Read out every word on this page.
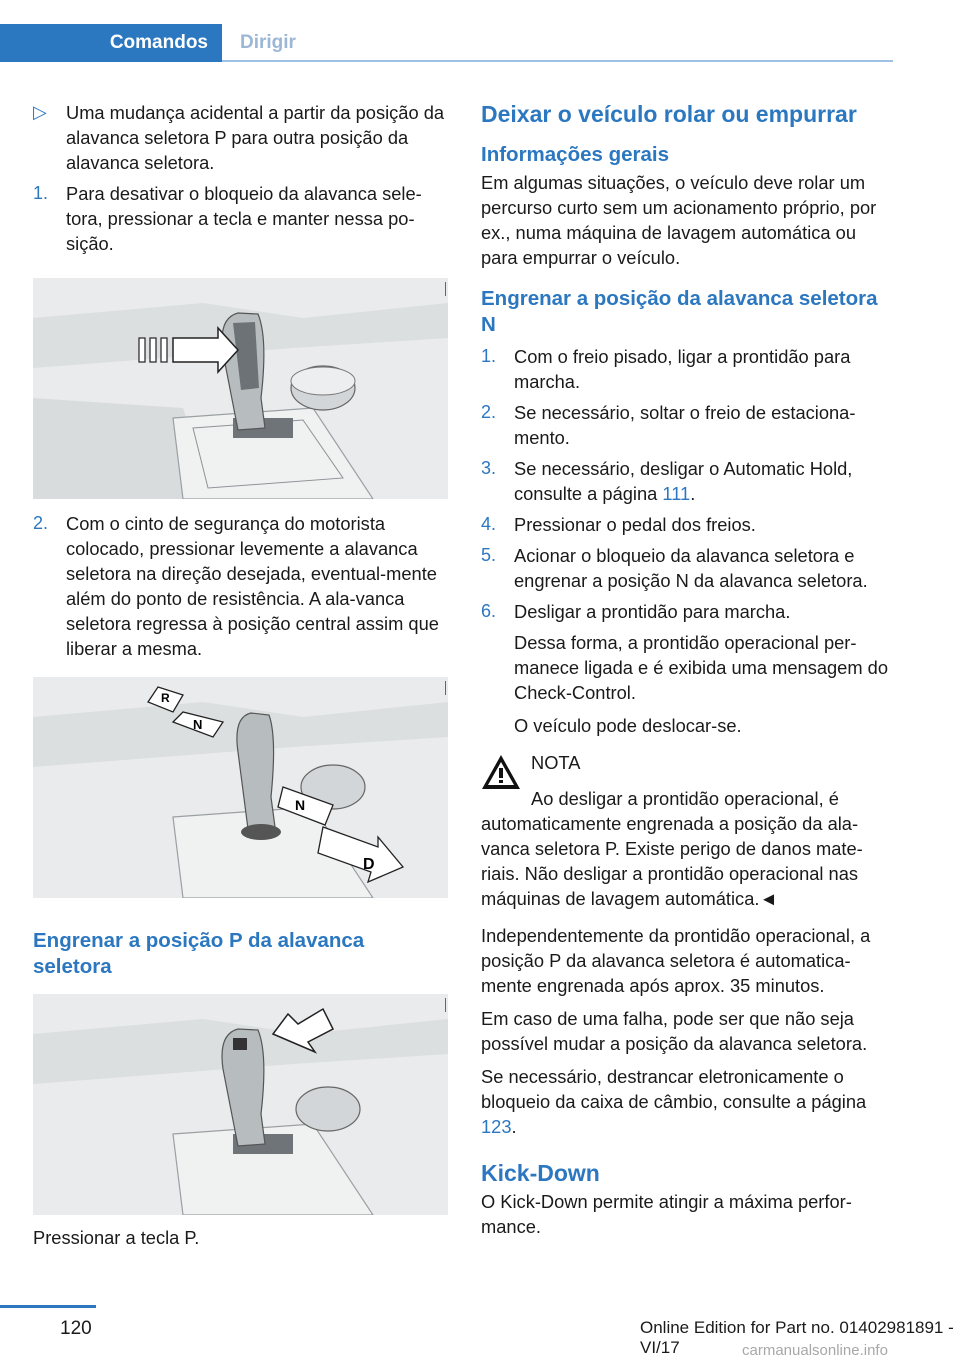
Comandos	Dirigir
▷ Uma mudança acidental a partir da posição da alavanca seletora P para outra posição da alavanca seletora.
1. Para desativar o bloqueio da alavanca sele‐tora, pressionar a tecla e manter nessa po‐sição.
2. Com o cinto de segurança do motorista colocado, pressionar levemente a alavanca seletora na direção desejada, eventual‐mente além do ponto de resistência. A ala‐vanca seletora regressa à posição central assim que liberar a mesma.
R
N
N
D
Engrenar a posição P da alavanca seletora

Pressionar a tecla P.

Deixar o veículo rolar ou empurrar
Informações gerais

Em algumas situações, o veículo deve rolar um percurso curto sem um acionamento próprio, por ex., numa máquina de lavagem automática ou para empurrar o veículo.

Engrenar a posição da alavanca seletora N
1. Com o freio pisado, ligar a prontidão para marcha.
2. Se necessário, soltar o freio de estaciona‐mento.
3. Se necessário, desligar o Automatic Hold, consulte a página 111.
4. Pressionar o pedal dos freios.
5. Acionar o bloqueio da alavanca seletora e engrenar a posição N da alavanca seletora.
6. Desligar a prontidão para marcha.

Dessa forma, a prontidão operacional per‐manece ligada e é exibida uma mensagem do Check-Control.

O veículo pode deslocar-se.

NOTA

Ao desligar a prontidão operacional, é automaticamente engrenada a posição da ala‐vanca seletora P. Existe perigo de danos mate‐riais. Não desligar a prontidão operacional nas máquinas de lavagem automática.◄

Independentemente da prontidão operacional, a posição P da alavanca seletora é automatica‐mente engrenada após aprox. 35 minutos.

Em caso de uma falha, pode ser que não seja possível mudar a posição da alavanca seletora.

Se necessário, destrancar eletronicamente o bloqueio da caixa de câmbio, consulte a página 123.

Kick-Down

O Kick-Down permite atingir a máxima perfor‐mance.

120	Online Edition for Part no. 01402981891 - VI/17	carmanualsonline.info
